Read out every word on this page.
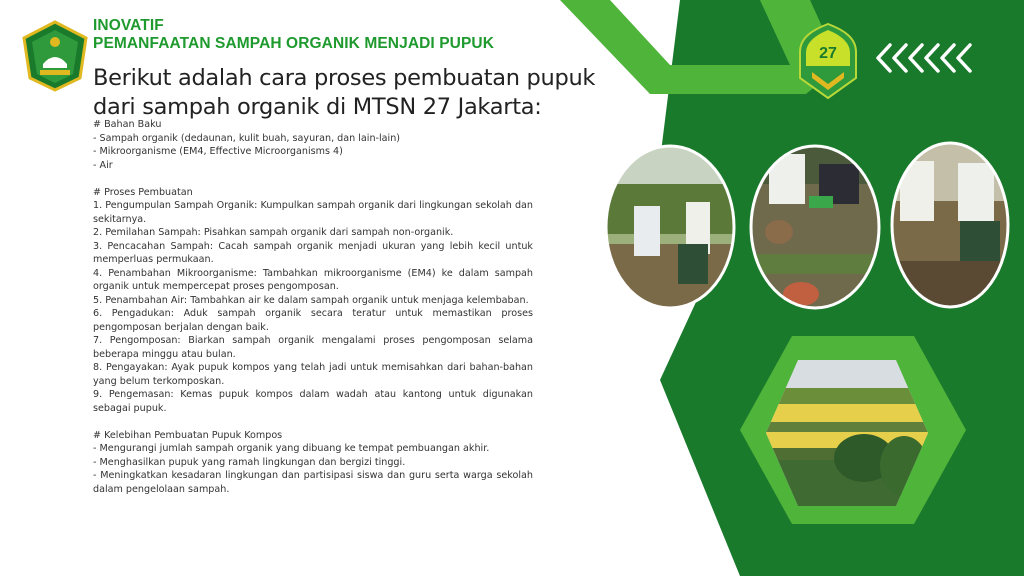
INOVATIF
PEMANFAATAN SAMPAH ORGANIK MENJADI PUPUK
Berikut adalah cara proses pembuatan pupuk
dari sampah organik di MTSN 27 Jakarta:
# Bahan Baku
- Sampah organik (dedaunan, kulit buah, sayuran, dan lain-lain)
- Mikroorganisme (EM4, Effective Microorganisms 4)
- Air
# Proses Pembuatan
1. Pengumpulan Sampah Organik: Kumpulkan sampah organik dari lingkungan sekolah dan sekitarnya.
2. Pemilahan Sampah: Pisahkan sampah organik dari sampah non-organik.
3. Pencacahan Sampah: Cacah sampah organik menjadi ukuran yang lebih kecil untuk memperluas permukaan.
4. Penambahan Mikroorganisme: Tambahkan mikroorganisme (EM4) ke dalam sampah organik untuk mempercepat proses pengomposan.
5. Penambahan Air: Tambahkan air ke dalam sampah organik untuk menjaga kelembaban.
6. Pengadukan: Aduk sampah organik secara teratur untuk memastikan proses pengomposan berjalan dengan baik.
7. Pengomposan: Biarkan sampah organik mengalami proses pengomposan selama beberapa minggu atau bulan.
8. Pengayakan: Ayak pupuk kompos yang telah jadi untuk memisahkan dari bahan-bahan yang belum terkomposkan.
9. Pengemasan: Kemas pupuk kompos dalam wadah atau kantong untuk digunakan sebagai pupuk.
# Kelebihan Pembuatan Pupuk Kompos
- Mengurangi jumlah sampah organik yang dibuang ke tempat pembuangan akhir.
- Menghasilkan pupuk yang ramah lingkungan dan bergizi tinggi.
- Meningkatkan kesadaran lingkungan dan partisipasi siswa dan guru serta warga sekolah dalam pengelolaan sampah.
27
